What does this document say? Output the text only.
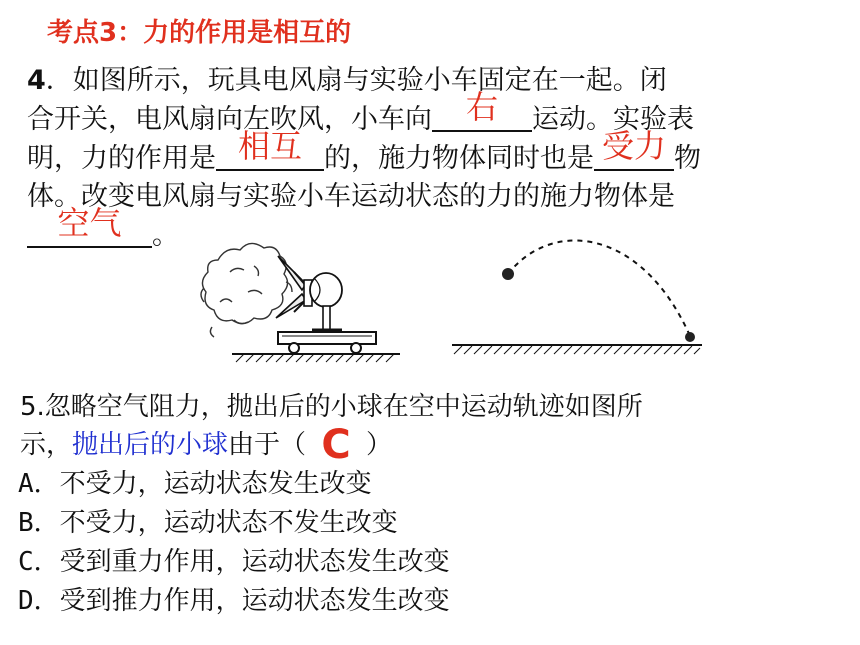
考点3：力的作用是相互的
4．如图所示，玩具电风扇与实验小车固定在一起。闭
合开关，电风扇向左吹风，小车向	右	运动。实验表
明，力的作用是 相互 的，施力物体同时也是 受力 物
体。改变电风扇与实验小车运动状态的力的施力物体是
空气	。
5.忽略空气阻力，抛出后的小球在空中运动轨迹如图所
示，抛出后的小球由于（ C ）
A．不受力，运动状态发生改变
B．不受力，运动状态不发生改变
C．受到重力作用，运动状态发生改变
D．受到推力作用，运动状态发生改变
